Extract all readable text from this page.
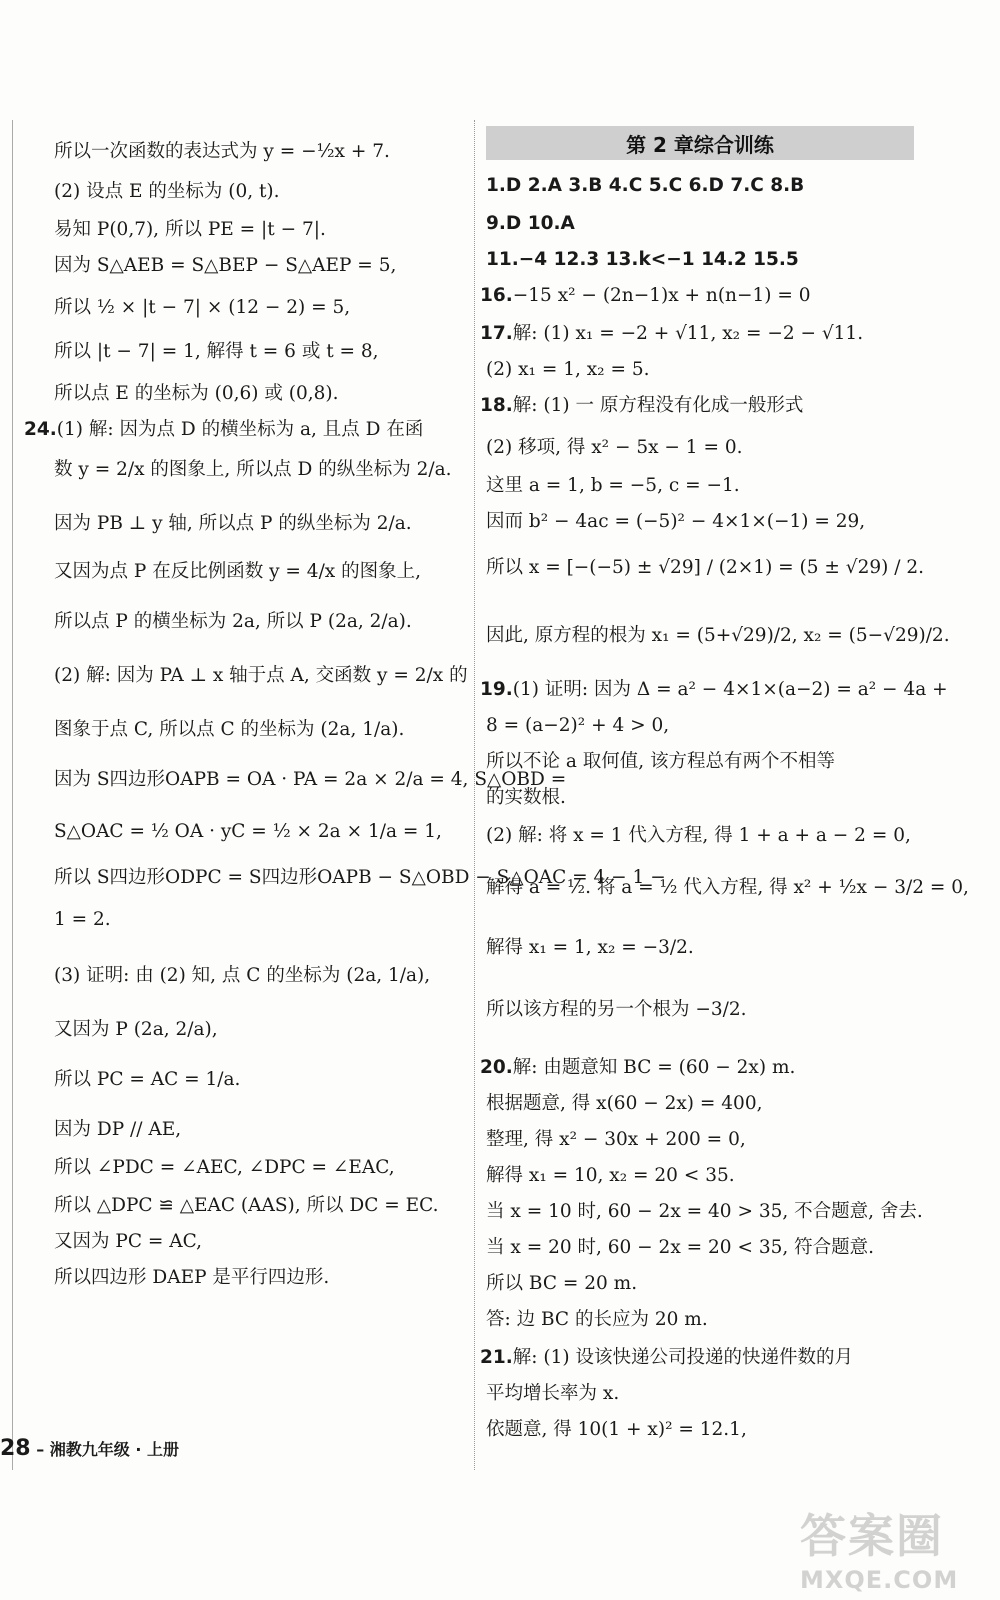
所以一次函数的表达式为 y = −½x + 7.
(2) 设点 E 的坐标为 (0, t).
易知 P(0,7), 所以 PE = |t − 7|.
因为 S△AEB = S△BEP − S△AEP = 5,
所以 ½ × |t − 7| × (12 − 2) = 5,
所以 |t − 7| = 1, 解得 t = 6 或 t = 8,
所以点 E 的坐标为 (0,6) 或 (0,8).
24.(1) 解: 因为点 D 的横坐标为 a, 且点 D 在函
数 y = 2/x 的图象上, 所以点 D 的纵坐标为 2/a.
因为 PB ⊥ y 轴, 所以点 P 的纵坐标为 2/a.
又因为点 P 在反比例函数 y = 4/x 的图象上,
所以点 P 的横坐标为 2a, 所以 P (2a, 2/a).
(2) 解: 因为 PA ⊥ x 轴于点 A, 交函数 y = 2/x 的
图象于点 C, 所以点 C 的坐标为 (2a, 1/a).
因为 S四边形OAPB = OA · PA = 2a × 2/a = 4, S△OBD =
S△OAC = ½ OA · yC = ½ × 2a × 1/a = 1,
所以 S四边形ODPC = S四边形OAPB − S△OBD − S△OAC = 4 − 1 −
1 = 2.
(3) 证明: 由 (2) 知, 点 C 的坐标为 (2a, 1/a),
又因为 P (2a, 2/a),
所以 PC = AC = 1/a.
因为 DP // AE,
所以 ∠PDC = ∠AEC, ∠DPC = ∠EAC,
所以 △DPC ≌ △EAC (AAS), 所以 DC = EC.
又因为 PC = AC,
所以四边形 DAEP 是平行四边形.
第 2 章综合训练
1.D 2.A 3.B 4.C 5.C 6.D 7.C 8.B
9.D 10.A
11.−4 12.3 13.k<−1 14.2 15.5
16.−15 x² − (2n−1)x + n(n−1) = 0
17.解: (1) x₁ = −2 + √11, x₂ = −2 − √11.
(2) x₁ = 1, x₂ = 5.
18.解: (1) 一 原方程没有化成一般形式
(2) 移项, 得 x² − 5x − 1 = 0.
这里 a = 1, b = −5, c = −1.
因而 b² − 4ac = (−5)² − 4×1×(−1) = 29,
所以 x = [−(−5) ± √29] / (2×1) = (5 ± √29) / 2.
因此, 原方程的根为 x₁ = (5+√29)/2, x₂ = (5−√29)/2.
19.(1) 证明: 因为 Δ = a² − 4×1×(a−2) = a² − 4a +
8 = (a−2)² + 4 > 0,
所以不论 a 取何值, 该方程总有两个不相等
的实数根.
(2) 解: 将 x = 1 代入方程, 得 1 + a + a − 2 = 0,
解得 a = ½. 将 a = ½ 代入方程, 得 x² + ½x − 3/2 = 0,
解得 x₁ = 1, x₂ = −3/2.
所以该方程的另一个根为 −3/2.
20.解: 由题意知 BC = (60 − 2x) m.
根据题意, 得 x(60 − 2x) = 400,
整理, 得 x² − 30x + 200 = 0,
解得 x₁ = 10, x₂ = 20 < 35.
当 x = 10 时, 60 − 2x = 40 > 35, 不合题意, 舍去.
当 x = 20 时, 60 − 2x = 20 < 35, 符合题意.
所以 BC = 20 m.
答: 边 BC 的长应为 20 m.
21.解: (1) 设该快递公司投递的快递件数的月
平均增长率为 x.
依题意, 得 10(1 + x)² = 12.1,
28 – 湘教九年级 · 上册
答案圈
MXQE.COM
